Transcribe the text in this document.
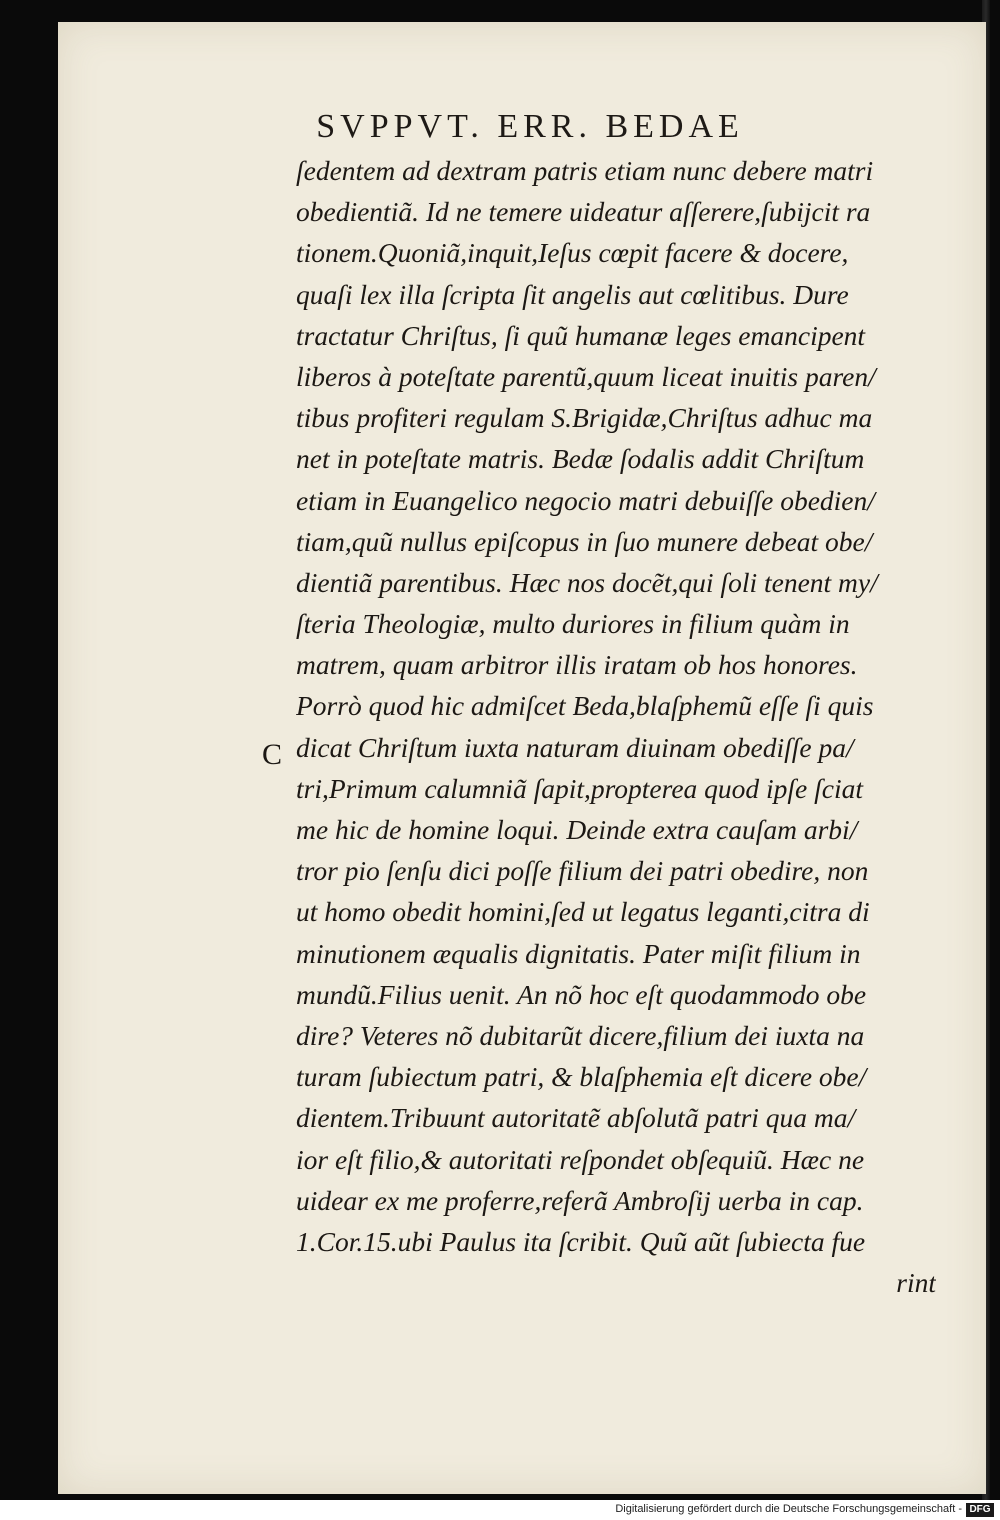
SVPPVT. ERR. BEDAE
C
ſedentem ad dextram patris etiam nunc debere matri
obedientiã. Id ne temere uideatur aſſerere,ſubijcit ra
tionem.Quoniã,inquit,Ieſus cœpit facere & docere,
quaſi lex illa ſcripta ſit angelis aut cœlitibus. Dure
tractatur Chriſtus, ſi quũ humanæ leges emancipent
liberos à poteſtate parentũ,quum liceat inuitis paren/
tibus profiteri regulam S.Brigidæ,Chriſtus adhuc ma
net in poteſtate matris. Bedæ ſodalis addit Chriſtum
etiam in Euangelico negocio matri debuiſſe obedien/
tiam,quũ nullus epiſcopus in ſuo munere debeat obe/
dientiã parentibus. Hæc nos docẽt,qui ſoli tenent my/
ſteria Theologiæ, multo duriores in filium quàm in
matrem, quam arbitror illis iratam ob hos honores.
Porrò quod hic admiſcet Beda,blaſphemũ eſſe ſi quis
dicat Chriſtum iuxta naturam diuinam obediſſe pa/
tri,Primum calumniã ſapit,propterea quod ipſe ſciat
me hic de homine loqui. Deinde extra cauſam arbi/
tror pio ſenſu dici poſſe filium dei patri obedire, non
ut homo obedit homini,ſed ut legatus leganti,citra di
minutionem æqualis dignitatis. Pater miſit filium in
mundũ.Filius uenit. An nõ hoc eſt quodammodo obe
dire? Veteres nõ dubitarũt dicere,filium dei iuxta na
turam ſubiectum patri, & blaſphemia eſt dicere obe/
dientem.Tribuunt autoritatẽ abſolutã patri qua ma/
ior eſt filio,& autoritati reſpondet obſequiũ. Hæc ne
uidear ex me proferre,referã Ambroſij uerba in cap.
1.Cor.15.ubi Paulus ita ſcribit. Quũ aũt ſubiecta fue
rint
Digitalisierung gefördert durch die Deutsche Forschungsgemeinschaft - DFG
